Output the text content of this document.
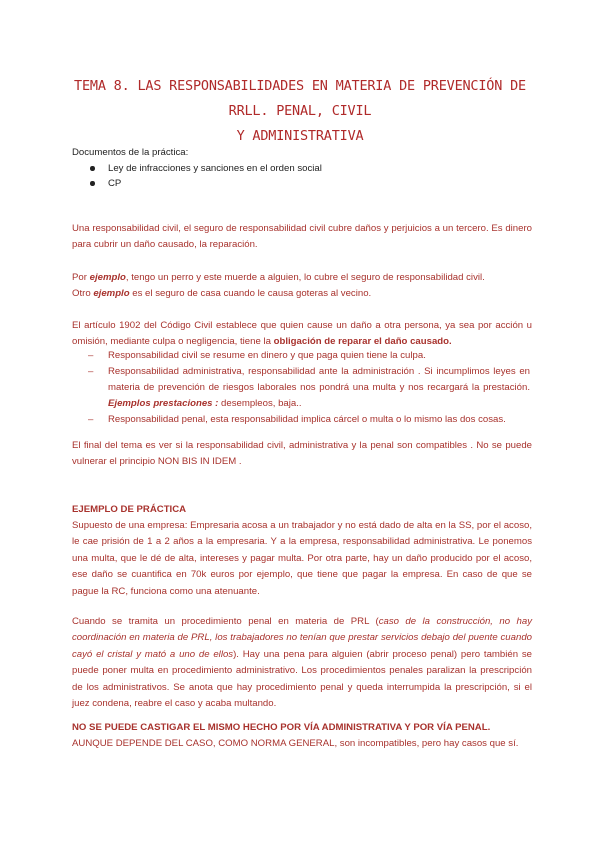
TEMA 8. LAS RESPONSABILIDADES EN MATERIA DE PREVENCIÓN DE RRLL. PENAL, CIVIL
Y ADMINISTRATIVA
Documentos de la práctica:
Ley de infracciones y sanciones en el orden social
CP
Una responsabilidad civil, el seguro de responsabilidad civil cubre daños y perjuicios a un tercero. Es dinero para cubrir un daño causado, la reparación.
Por ejemplo, tengo un perro y este muerde a alguien, lo cubre el seguro de responsabilidad civil.
Otro ejemplo es el seguro de casa cuando le causa goteras al vecino.
El artículo 1902 del Código Civil establece que quien cause un daño a otra persona, ya sea por acción u omisión, mediante culpa o negligencia, tiene la obligación de reparar el daño causado.
– Responsabilidad civil se resume en dinero y que paga quien tiene la culpa.
– Responsabilidad administrativa, responsabilidad ante la administración . Si incumplimos leyes en materia de prevención de riesgos laborales nos pondrá una multa y nos recargará la prestación. Ejemplos prestaciones : desempleos, baja..
– Responsabilidad penal, esta responsabilidad implica cárcel o multa o lo mismo las dos cosas.
El final del tema es ver si la responsabilidad civil, administrativa y la penal son compatibles . No se puede vulnerar el principio NON BIS IN IDEM .
EJEMPLO DE PRÁCTICA
Supuesto de una empresa: Empresaria acosa a un trabajador y no está dado de alta en la SS, por el acoso, le cae prisión de 1 a 2 años a la empresaria. Y a la empresa, responsabilidad administrativa. Le ponemos una multa, que le dé de alta, intereses y pagar multa. Por otra parte, hay un daño producido por el acoso, ese daño se cuantifica en 70k euros por ejemplo, que tiene que pagar la empresa. En caso de que se pague la RC, funciona como una atenuante.
Cuando se tramita un procedimiento penal en materia de PRL (caso de la construcción, no hay coordinación en materia de PRL, los trabajadores no tenían que prestar servicios debajo del puente cuando cayó el cristal y mató a uno de ellos). Hay una pena para alguien (abrir proceso penal) pero también se puede poner multa en procedimiento administrativo. Los procedimientos penales paralizan la prescripción de los administrativos. Se anota que hay procedimiento penal y queda interrumpida la prescripción, si el juez condena, reabre el caso y acaba multando.
NO SE PUEDE CASTIGAR EL MISMO HECHO POR VÍA ADMINISTRATIVA Y POR VÍA PENAL. AUNQUE DEPENDE DEL CASO, COMO NORMA GENERAL, son incompatibles, pero hay casos que sí.
